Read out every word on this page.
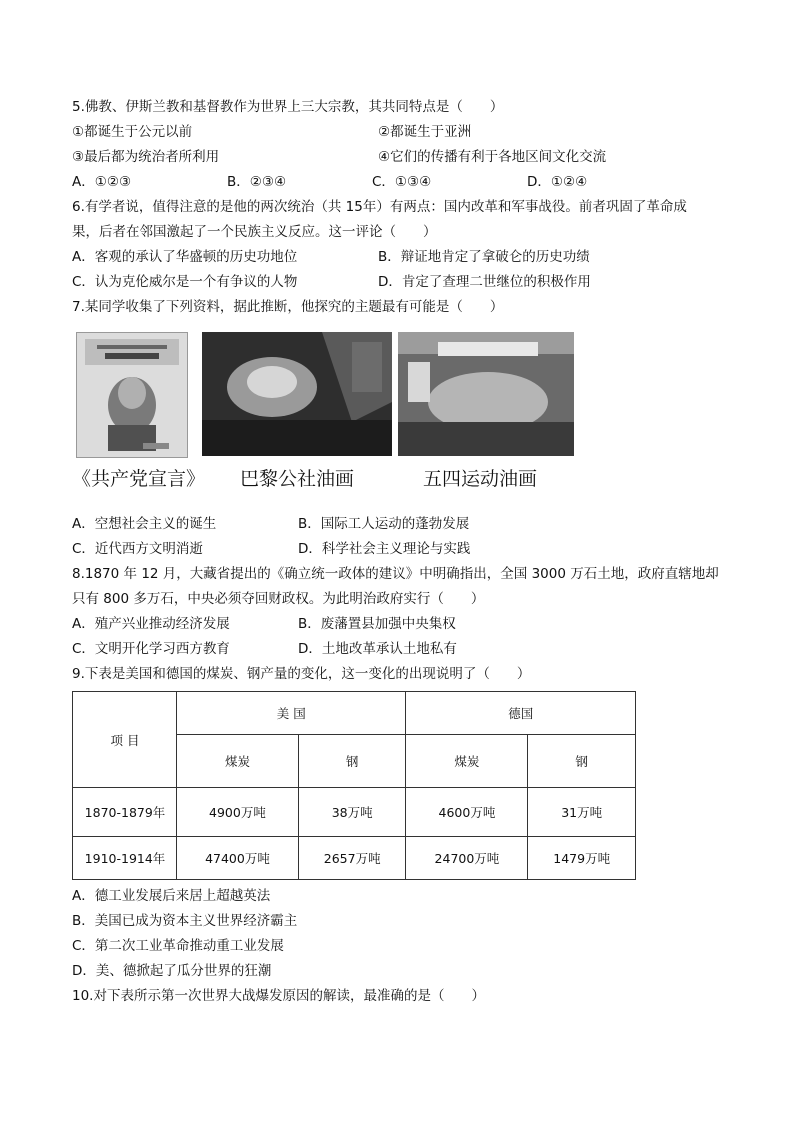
5.佛教、伊斯兰教和基督教作为世界上三大宗教，其共同特点是（　　）
①都诞生于公元以前	②都诞生于亚洲
③最后都为统治者所利用	④它们的传播有利于各地区间文化交流
A．①②③	B．②③④	C．①③④	D．①②④
6.有学者说，值得注意的是他的两次统治（共 15年）有两点：国内改革和军事战役。前者巩固了革命成
果，后者在邻国激起了一个民族主义反应。这一评论（　　）
A．客观的承认了华盛顿的历史功地位	B．辩证地肯定了拿破仑的历史功绩
C．认为克伦威尔是一个有争议的人物	D．肯定了查理二世继位的积极作用
7.某同学收集了下列资料，据此推断，他探究的主题最有可能是（　　）
《共产党宣言》 巴黎公社油画	五四运动油画
A．空想社会主义的诞生	B．国际工人运动的蓬勃发展
C．近代西方文明消逝	D．科学社会主义理论与实践
8.1870 年 12 月，大藏省提出的《确立统一政体的建议》中明确指出，全国 3000 万石土地，政府直辖地却
只有 800 多万石，中央必须夺回财政权。为此明治政府实行（　　）
A．殖产兴业推动经济发展	B．废藩置县加强中央集权
C．文明开化学习西方教育	D．土地改革承认土地私有
9.下表是美国和德国的煤炭、钢产量的变化，这一变化的出现说明了（　　）
项 目	美 国		德国	
	煤炭	钢	煤炭	钢
1870-1879年	4900万吨	38万吨	4600万吨	31万吨
1910-1914年	47400万吨	2657万吨	24700万吨	1479万吨
A．德工业发展后来居上超越英法
B．美国已成为资本主义世界经济霸主
C．第二次工业革命推动重工业发展
D．美、德掀起了瓜分世界的狂潮
10.对下表所示第一次世界大战爆发原因的解读，最准确的是（　　）
